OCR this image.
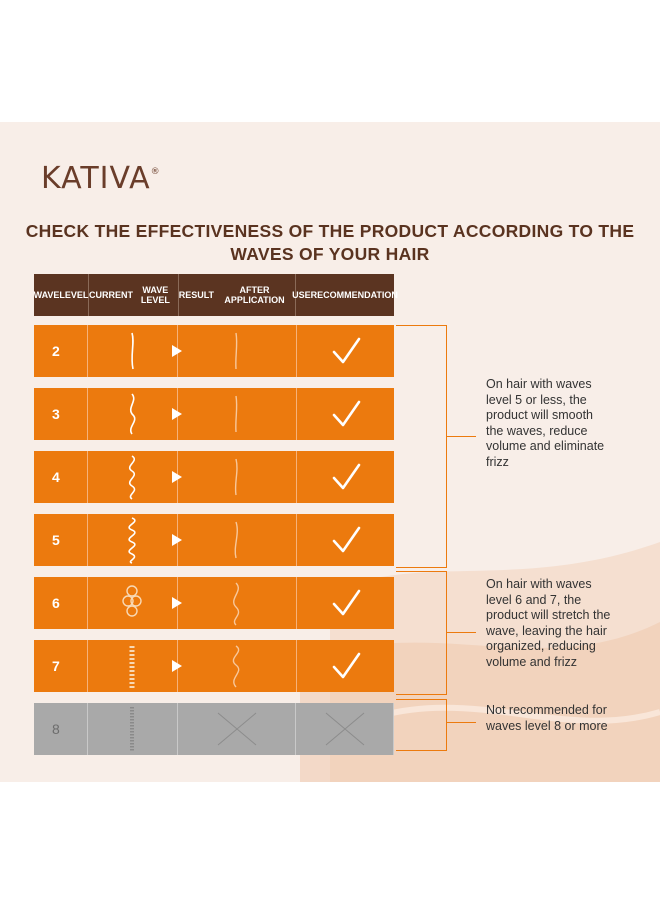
KATIVA®
CHECK THE EFFECTIVENESS OF THE PRODUCT ACCORDING TO THE WAVES OF YOUR HAIR
WAVE LEVEL CURRENT	WAVE LEVEL RESULT	AFTER APPLICATION USE RECOMMENDATION
2
3
4
5
6
7
8
On hair with waves
level 5 or less, the
product will smooth
the waves, reduce
volume and eliminate
frizz
On hair with waves
level 6 and 7, the
product will stretch the
wave, leaving the hair
organized, reducing
volume and frizz
Not recommended for
waves level 8 or more
